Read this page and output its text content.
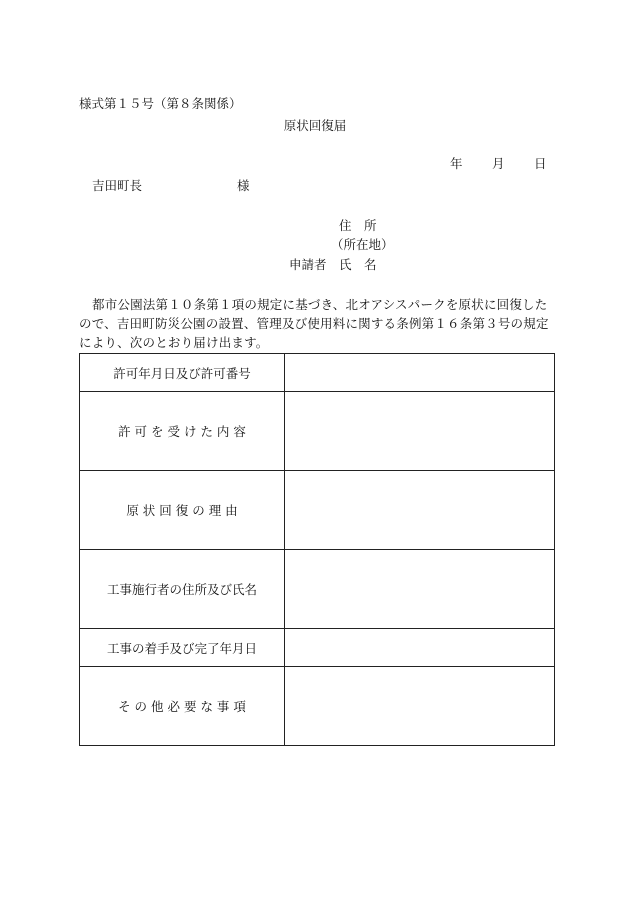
様式第１５号（第８条関係）
原状回復届
年	月	日
吉田町長	様
住　所
（所在地）
申請者　氏　名
都市公園法第１０条第１項の規定に基づき、北オアシスパークを原状に回復したので、吉田町防災公園の設置、管理及び使用料に関する条例第１６条第３号の規定により、次のとおり届け出ます。
許可年月日及び許可番号	
許 可 を 受 け た 内 容	
原 状 回 復 の 理 由	
工事施行者の住所及び氏名	
工事の着手及び完了年月日	
そ の 他 必 要 な 事 項	
